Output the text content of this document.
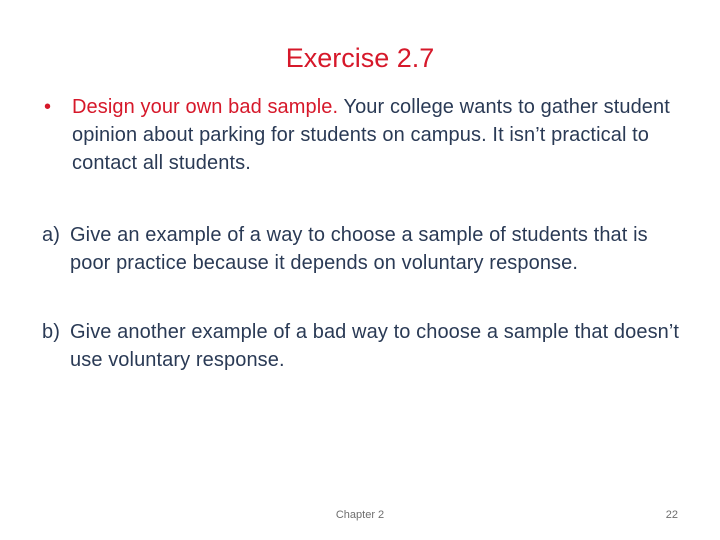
Exercise 2.7
•	Design your own bad sample. Your college wants to gather student opinion about parking for students on campus. It isn’t practical to contact all students.
a) Give an example of a way to choose a sample of students that is poor practice because it depends on voluntary response.
b) Give another example of a bad way to choose a sample that doesn’t use voluntary response.
Chapter 2	22
